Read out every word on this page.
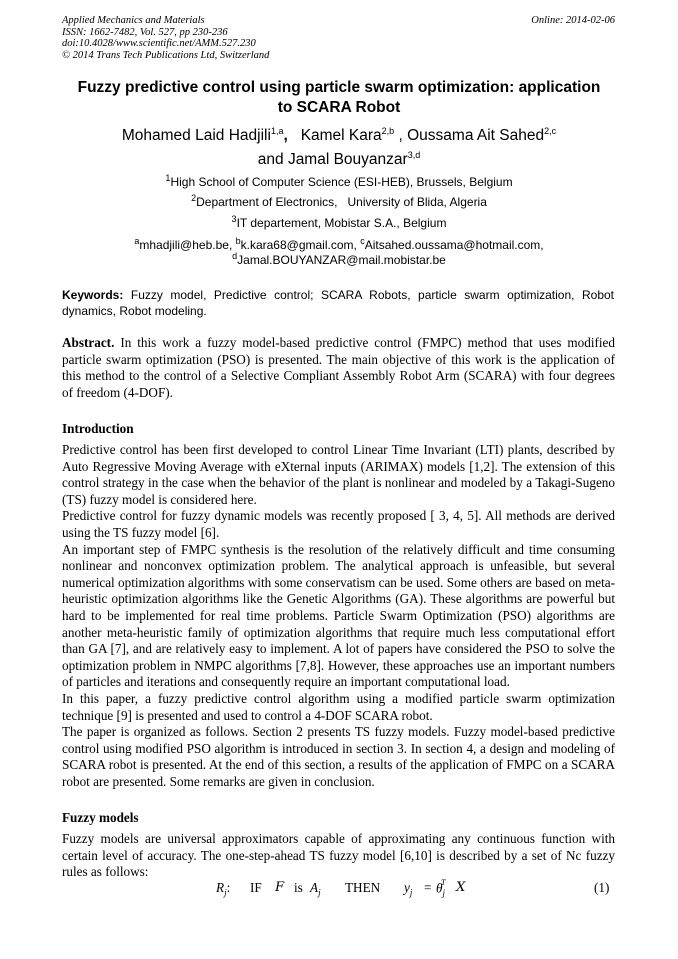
Applied Mechanics and Materials
ISSN: 1662-7482, Vol. 527, pp 230-236
doi:10.4028/www.scientific.net/AMM.527.230
© 2014 Trans Tech Publications Ltd, Switzerland
Online: 2014-02-06
Fuzzy predictive control using particle swarm optimization: application
to SCARA Robot
Mohamed Laid Hadjili$^{1,a}$, Kamel Kara$^{2,b}$ , Oussama Ait Sahed$^{2,c}$
and Jamal Bouyanzar$^{3,d}$
$^1$High School of Computer Science (ESI-HEB), Brussels, Belgium
$^2$Department of Electronics,   University of Blida, Algeria
$^3$IT departement, Mobistar S.A., Belgium
$^a$mhadjili@heb.be, $^b$k.kara68@gmail.com, $^c$Aitsahed.oussama@hotmail.com,
$^d$Jamal.BOUYANZAR@mail.mobistar.be
Keywords: Fuzzy model, Predictive control; SCARA Robots, particle swarm optimization, Robot dynamics, Robot modeling.
Abstract. In this work a fuzzy model-based predictive control (FMPC) method that uses modified particle swarm optimization (PSO) is presented. The main objective of this work is the application of this method to the control of a Selective Compliant Assembly Robot Arm (SCARA) with four degrees of freedom (4-DOF).
Introduction
Predictive control has been first developed to control Linear Time Invariant (LTI) plants, described by Auto Regressive Moving Average with eXternal inputs (ARIMAX) models [1,2]. The extension of this control strategy in the case when the behavior of the plant is nonlinear and modeled by a Takagi-Sugeno (TS) fuzzy model is considered here.
Predictive control for fuzzy dynamic models was recently proposed [ 3, 4, 5]. All methods are derived using the TS fuzzy model [6].
An important step of FMPC synthesis is the resolution of the relatively difficult and time consuming nonlinear and nonconvex optimization problem. The analytical approach is unfeasible, but several numerical optimization algorithms with some conservatism can be used. Some others are based on meta-heuristic optimization algorithms like the Genetic Algorithms (GA). These algorithms are powerful but hard to be implemented for real time problems. Particle Swarm Optimization (PSO) algorithms are another meta-heuristic family of optimization algorithms that require much less computational effort than GA [7], and are relatively easy to implement. A lot of papers have considered the PSO to solve the optimization problem in NMPC algorithms [7,8]. However, these approaches use an important numbers of particles and iterations and consequently require an important computational load.
In this paper, a fuzzy predictive control algorithm using a modified particle swarm optimization technique [9] is presented and used to control a 4-DOF SCARA robot.
The paper is organized as follows. Section 2 presents TS fuzzy models. Fuzzy model-based predictive control using modified PSO algorithm is introduced in section 3. In section 4, a design and modeling of SCARA robot is presented. At the end of this section, a results of the application of FMPC on a SCARA robot are presented. Some remarks are given in conclusion.
Fuzzy models
Fuzzy models are universal approximators capable of approximating any continuous function with certain level of accuracy. The one-step-ahead TS fuzzy model [6,10] is described by a set of Nc fuzzy rules as follows:
$R_j$: IF F is $A_j$ THEN $y_j = \theta_j^T$ X	(1)
